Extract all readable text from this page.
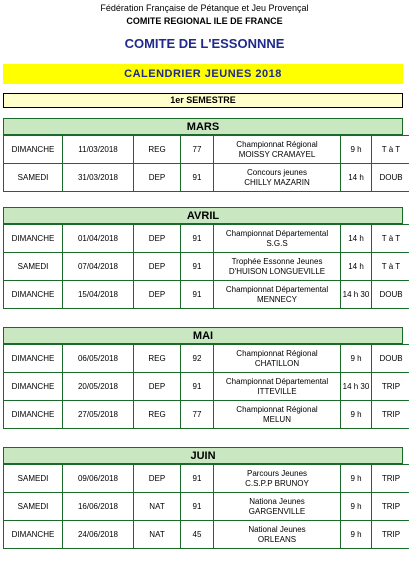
Fédération Française de Pétanque et Jeu Provençal
COMITE REGIONAL ILE DE FRANCE
COMITE DE L'ESSONNNE
CALENDRIER JEUNES 2018
1er SEMESTRE
MARS
DIMANCHE	11/03/2018	REG	77	Championnat Régional
MOISSY CRAMAYEL	9 h	T à T
SAMEDI	31/03/2018	DEP	91	Concours jeunes
CHILLY MAZARIN	14 h	DOUB
AVRIL
DIMANCHE	01/04/2018	DEP	91	Championnat Départemental
S.G.S	14 h	T à T
SAMEDI	07/04/2018	DEP	91	Trophée Essonne Jeunes
D'HUISON LONGUEVILLE	14 h	T à T
DIMANCHE	15/04/2018	DEP	91	Championnat Départemental
MENNECY	14 h 30	DOUB
MAI
DIMANCHE	06/05/2018	REG	92	Championnat Régional
CHATILLON	9 h	DOUB
DIMANCHE	20/05/2018	DEP	91	Championnat Départemental
ITTEVILLE	14 h 30	TRIP
DIMANCHE	27/05/2018	REG	77	Championnat Régional
MELUN	9 h	TRIP
JUIN
SAMEDI	09/06/2018	DEP	91	Parcours Jeunes
C.S.P.P BRUNOY	9 h	TRIP
SAMEDI	16/06/2018	NAT	91	Nationa Jeunes
GARGENVILLE	9 h	TRIP
DIMANCHE	24/06/2018	NAT	45	National Jeunes
ORLEANS	9 h	TRIP
